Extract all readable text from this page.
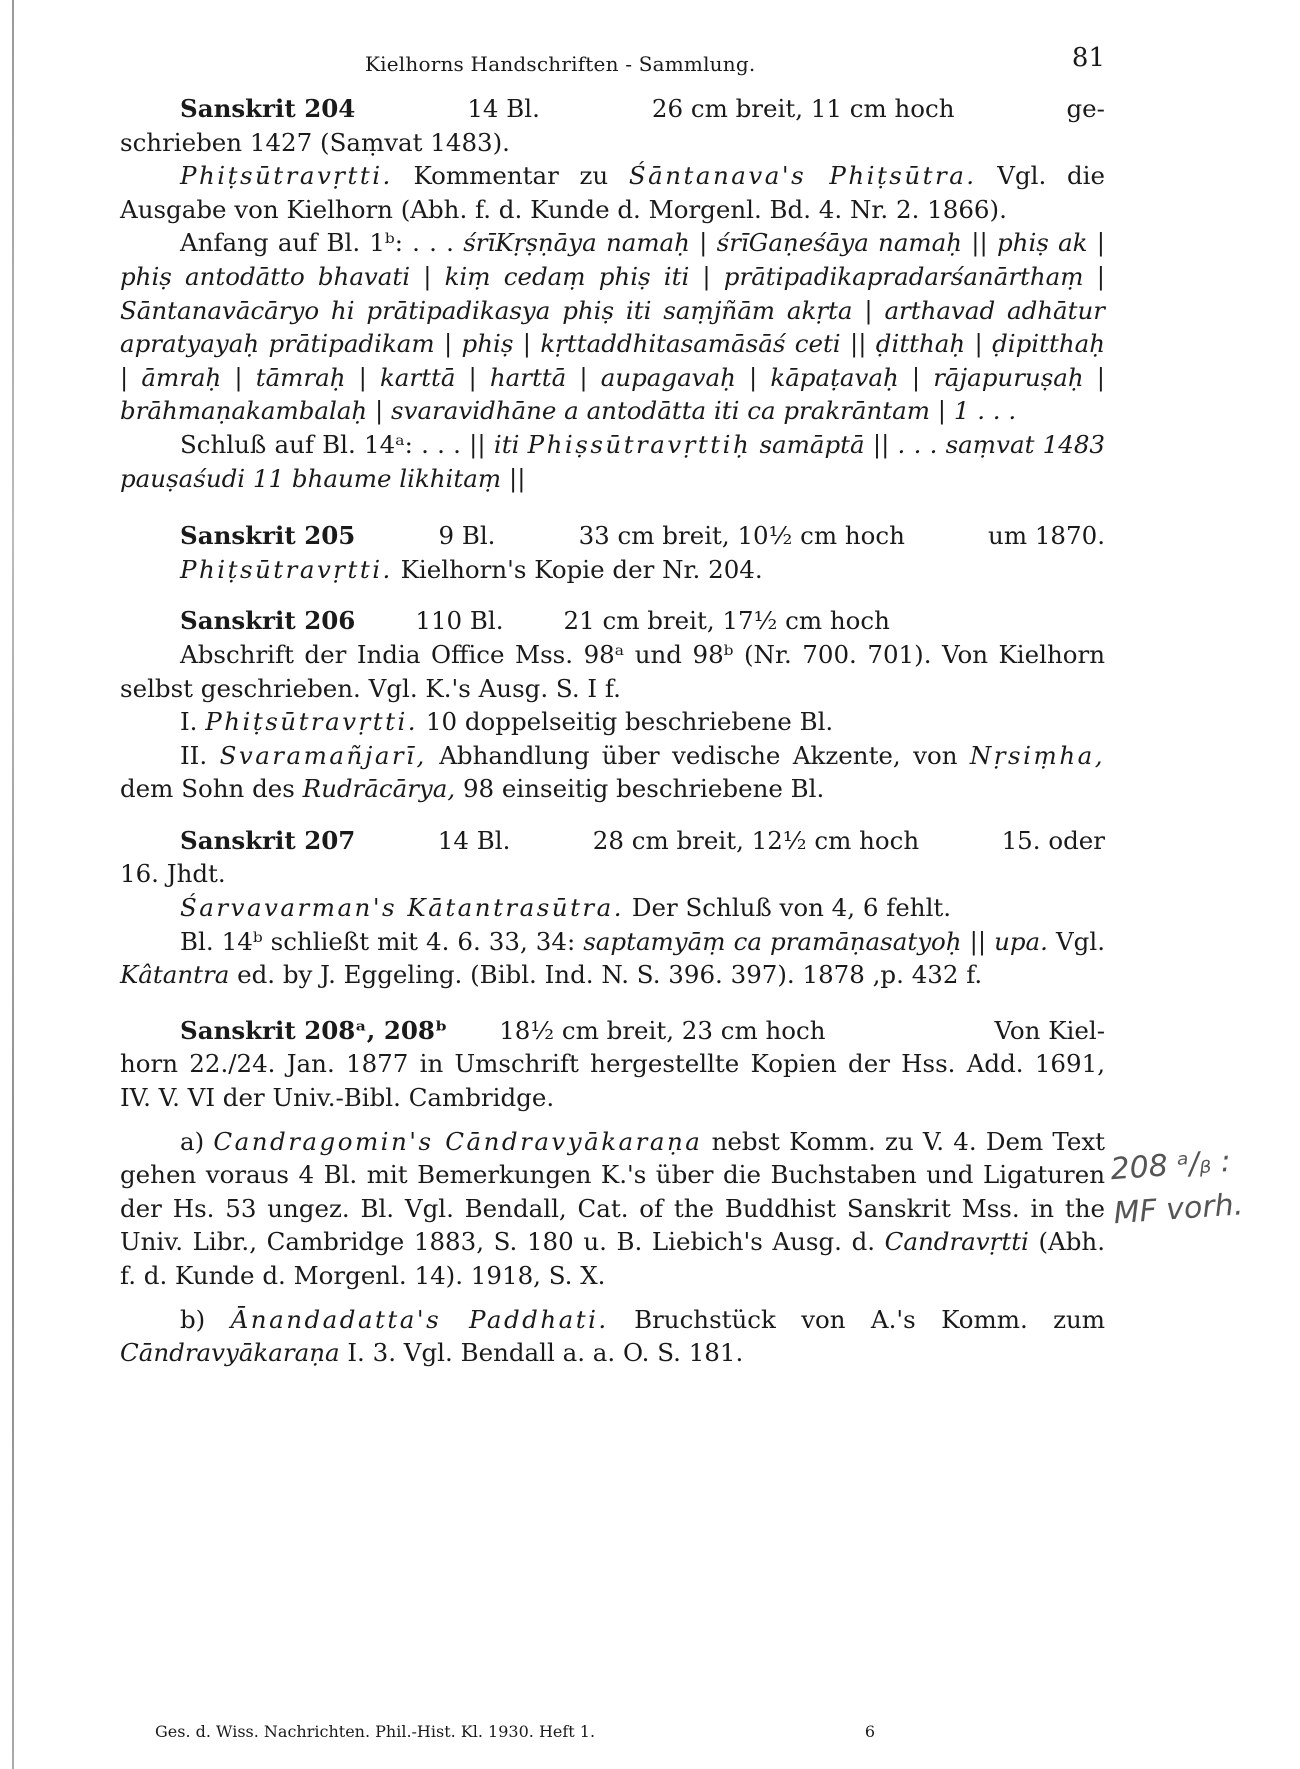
Kielhorns Handschriften - Sammlung.	81
Sanskrit 204	14 Bl.	26 cm breit, 11 cm hoch	ge-

schrieben 1427 (Saṃvat 1483).

Phiṭsūtravṛtti. Kommentar zu Śāntanava's Phiṭsūtra. Vgl. die Ausgabe von Kielhorn (Abh. f. d. Kunde d. Morgenl. Bd. 4. Nr. 2. 1866).

Anfang auf Bl. 1ᵇ: . . . śrīKṛṣṇāya namaḥ | śrīGaṇeśāya namaḥ || phiṣ ak | phiṣ antodātto bhavati | kiṃ cedaṃ phiṣ iti | prātipadikapradarśanārthaṃ | Sāntanavācāryo hi prātipadikasya phiṣ iti saṃjñām akṛta | arthavad adhātur apratyayaḥ prātipadikam | phiṣ | kṛttaddhitasamāsāś ceti || ḍitthaḥ | ḍipitthaḥ | āmraḥ | tāmraḥ | karttā | harttā | aupagavaḥ | kāpaṭavaḥ | rājapuruṣaḥ | brāhmaṇakambalaḥ | svaravidhāne a antodātta iti ca prakrāntam | 1 . . .

Schluß auf Bl. 14ᵃ: . . . || iti Phiṣsūtravṛttiḥ samāptā || . . . saṃvat 1483 pauṣaśudi 11 bhaume likhitaṃ ||

Sanskrit 205	9 Bl.	33 cm breit, 10½ cm hoch	um 1870.

Phiṭsūtravṛtti. Kielhorn's Kopie der Nr. 204.

Sanskrit 206 110 Bl. 21 cm breit, 17½ cm hoch

Abschrift der India Office Mss. 98ᵃ und 98ᵇ (Nr. 700. 701). Von Kielhorn selbst geschrieben. Vgl. K.'s Ausg. S. I f.

I. Phiṭsūtravṛtti. 10 doppelseitig beschriebene Bl.

II. Svaramañjarī, Abhandlung über vedische Akzente, von Nṛsiṃha, dem Sohn des Rudrācārya, 98 einseitig beschriebene Bl.

Sanskrit 207	14 Bl.	28 cm breit, 12½ cm hoch	15. oder

16. Jhdt.

Śarvavarman's Kātantrasūtra. Der Schluß von 4, 6 fehlt.

Bl. 14ᵇ schließt mit 4. 6. 33, 34: saptamyāṃ ca pramāṇasatyoḥ || upa. Vgl. Kâtantra ed. by J. Eggeling. (Bibl. Ind. N. S. 396. 397). 1878 ,p. 432 f.

Sanskrit 208ᵃ, 208ᵇ 18½ cm breit, 23 cm hoch	Von Kiel-

horn 22./24. Jan. 1877 in Umschrift hergestellte Kopien der Hss. Add. 1691, IV. V. VI der Univ.-Bibl. Cambridge.

a) Candragomin's Cāndravyākaraṇa nebst Komm. zu V. 4. Dem Text gehen voraus 4 Bl. mit Bemerkungen K.'s über die Buchstaben und Ligaturen der Hs. 53 ungez. Bl. Vgl. Bendall, Cat. of the Buddhist Sanskrit Mss. in the Univ. Libr., Cambridge 1883, S. 180 u. B. Liebich's Ausg. d. Candravṛtti (Abh. f. d. Kunde d. Morgenl. 14). 1918, S. X.

b) Ānandadatta's Paddhati. Bruchstück von A.'s Komm. zum Cāndravyākaraṇa I. 3. Vgl. Bendall a. a. O. S. 181.

208 ᵃ/ᵦ :
MF vorh.
Ges. d. Wiss. Nachrichten. Phil.-Hist. Kl. 1930. Heft 1.	6
